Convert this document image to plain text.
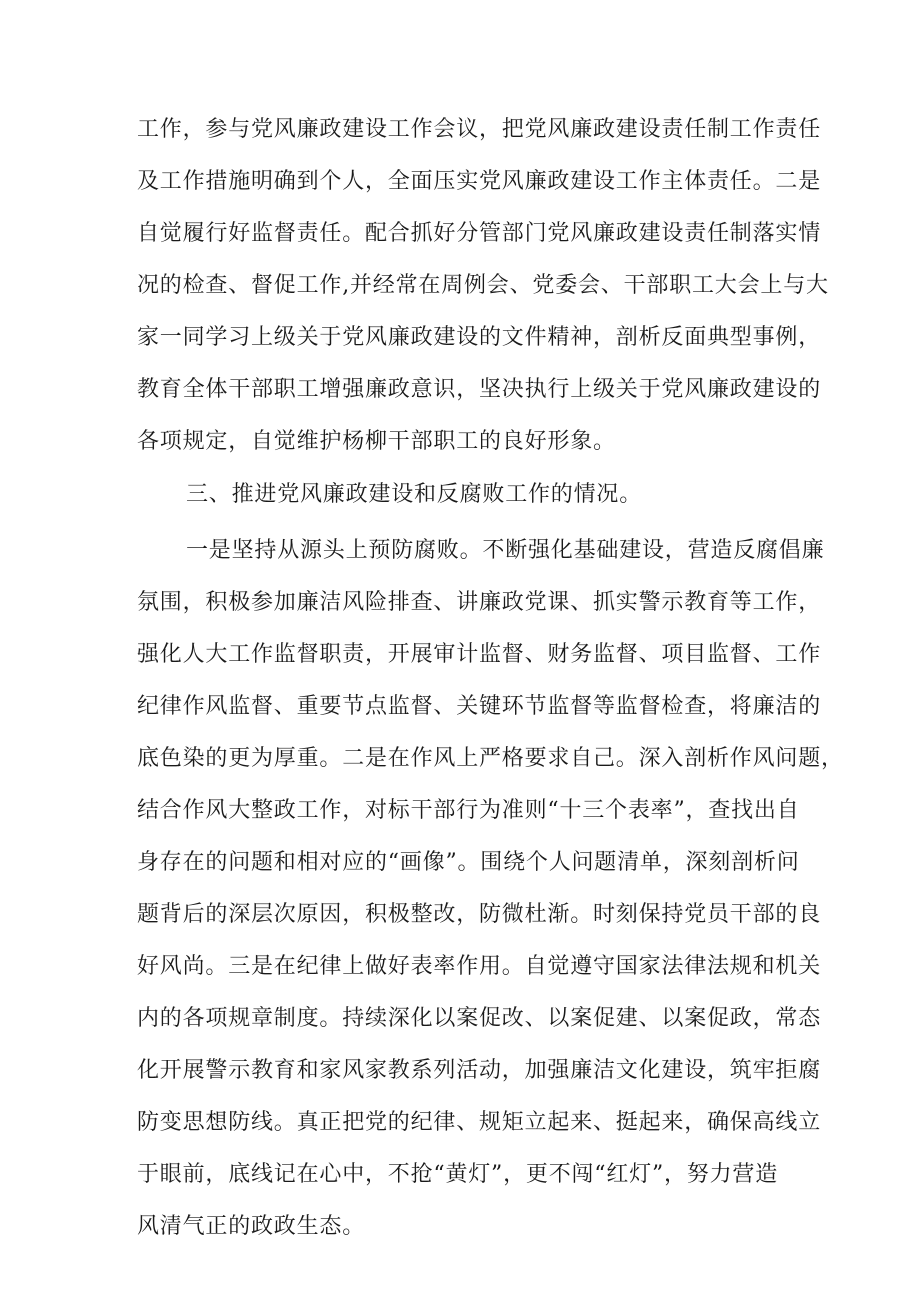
工作，参与党风廉政建设工作会议，把党风廉政建设责任制工作责任
及工作措施明确到个人，全面压实党风廉政建设工作主体责任。二是
自觉履行好监督责任。配合抓好分管部门党风廉政建设责任制落实情
况的检查、督促工作,并经常在周例会、党委会、干部职工大会上与大
家一同学习上级关于党风廉政建设的文件精神，剖析反面典型事例，
教育全体干部职工增强廉政意识，坚决执行上级关于党风廉政建设的
各项规定，自觉维护杨柳干部职工的良好形象。
三、推进党风廉政建设和反腐败工作的情况。
一是坚持从源头上预防腐败。不断强化基础建设，营造反腐倡廉
氛围，积极参加廉洁风险排查、讲廉政党课、抓实警示教育等工作，
强化人大工作监督职责，开展审计监督、财务监督、项目监督、工作
纪律作风监督、重要节点监督、关键环节监督等监督检查，将廉洁的
底色染的更为厚重。二是在作风上严格要求自己。深入剖析作风问题，
结合作风大整政工作，对标干部行为准则“十三个表率”，查找出自
身存在的问题和相对应的“画像”。围绕个人问题清单，深刻剖析问
题背后的深层次原因，积极整改，防微杜渐。时刻保持党员干部的良
好风尚。三是在纪律上做好表率作用。自觉遵守国家法律法规和机关
内的各项规章制度。持续深化以案促改、以案促建、以案促政，常态
化开展警示教育和家风家教系列活动，加强廉洁文化建设，筑牢拒腐
防变思想防线。真正把党的纪律、规矩立起来、挺起来，确保高线立
于眼前，底线记在心中，不抢“黄灯”，更不闯“红灯”，努力营造
风清气正的政政生态。
